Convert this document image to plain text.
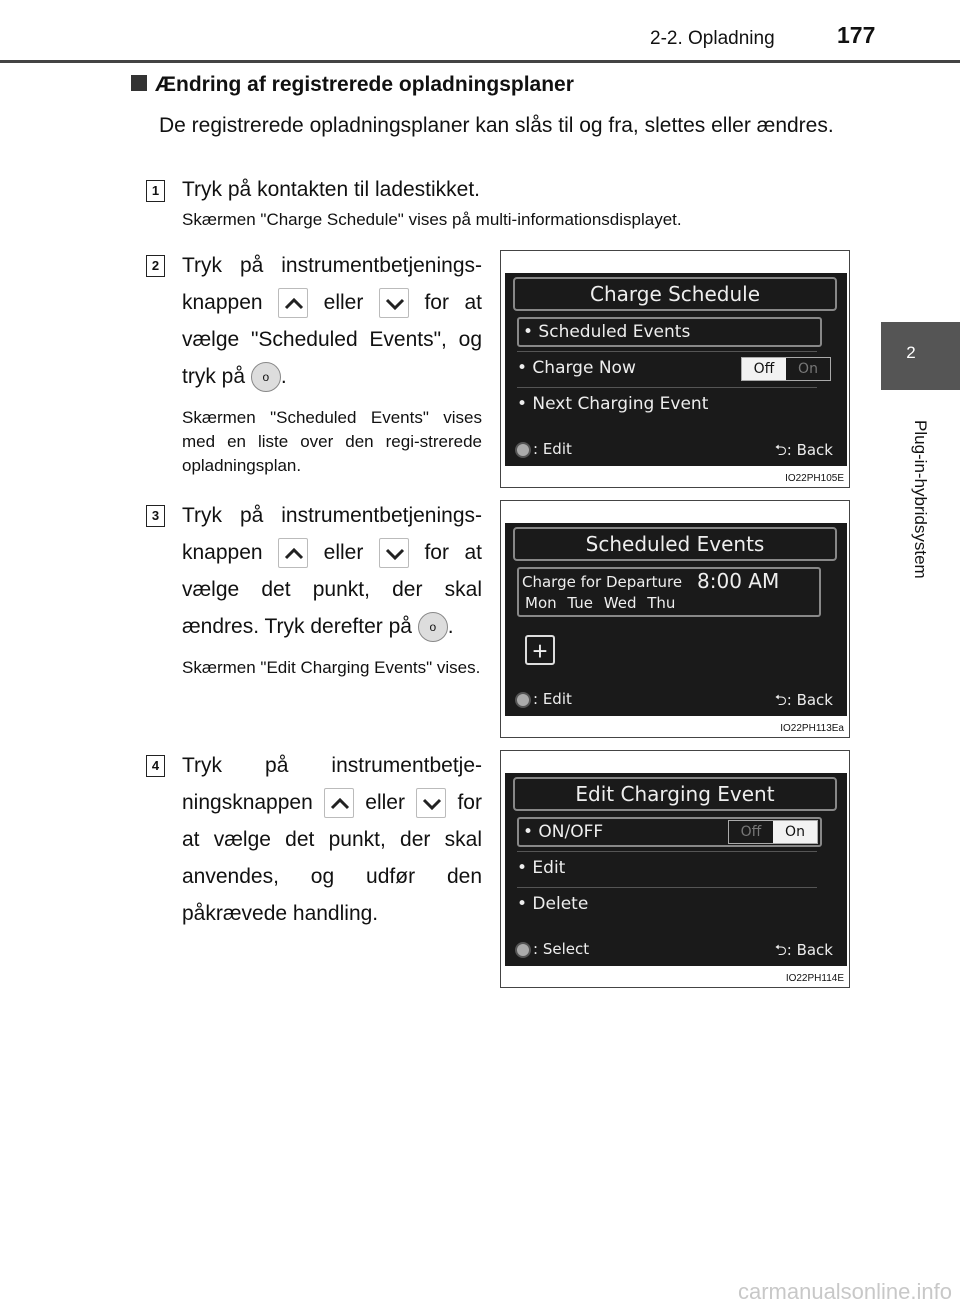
2-2. Opladning	177
2
Plug-in-hybridsystem
Ændring af registrerede opladningsplaner
De registrerede opladningsplaner kan slås til og fra, slettes eller ændres.
1 Tryk på kontakten til ladestikket.
Skærmen "Charge Schedule" vises på multi-informationsdisplayet.
2 Tryk på instrumentbetjenings-knappen	eller	for at vælge "Scheduled Events", og tryk på o .
Skærmen "Scheduled Events" vises med en liste over den regi-strerede opladningsplan.
3 Tryk på instrumentbetjenings-knappen	eller	for at vælge det punkt, der skal ændres. Tryk derefter på o .
Skærmen "Edit Charging Events" vises.
4 Tryk på instrumentbetje-ningsknappen	eller	for at vælge det punkt, der skal anvendes, og udfør den påkrævede handling.
Charge Schedule
• Scheduled Events
• Charge Now	Off	On
• Next Charging Event
: Edit	⮌: Back
IO22PH105E
Scheduled Events
Charge for Departure 8:00 AM
Mon Tue Wed Thu
+
: Edit	⮌: Back
IO22PH113Ea
Edit Charging Event
• ON/OFF	Off	On
• Edit
• Delete
: Select	⮌: Back
IO22PH114E
carmanualsonline.info
